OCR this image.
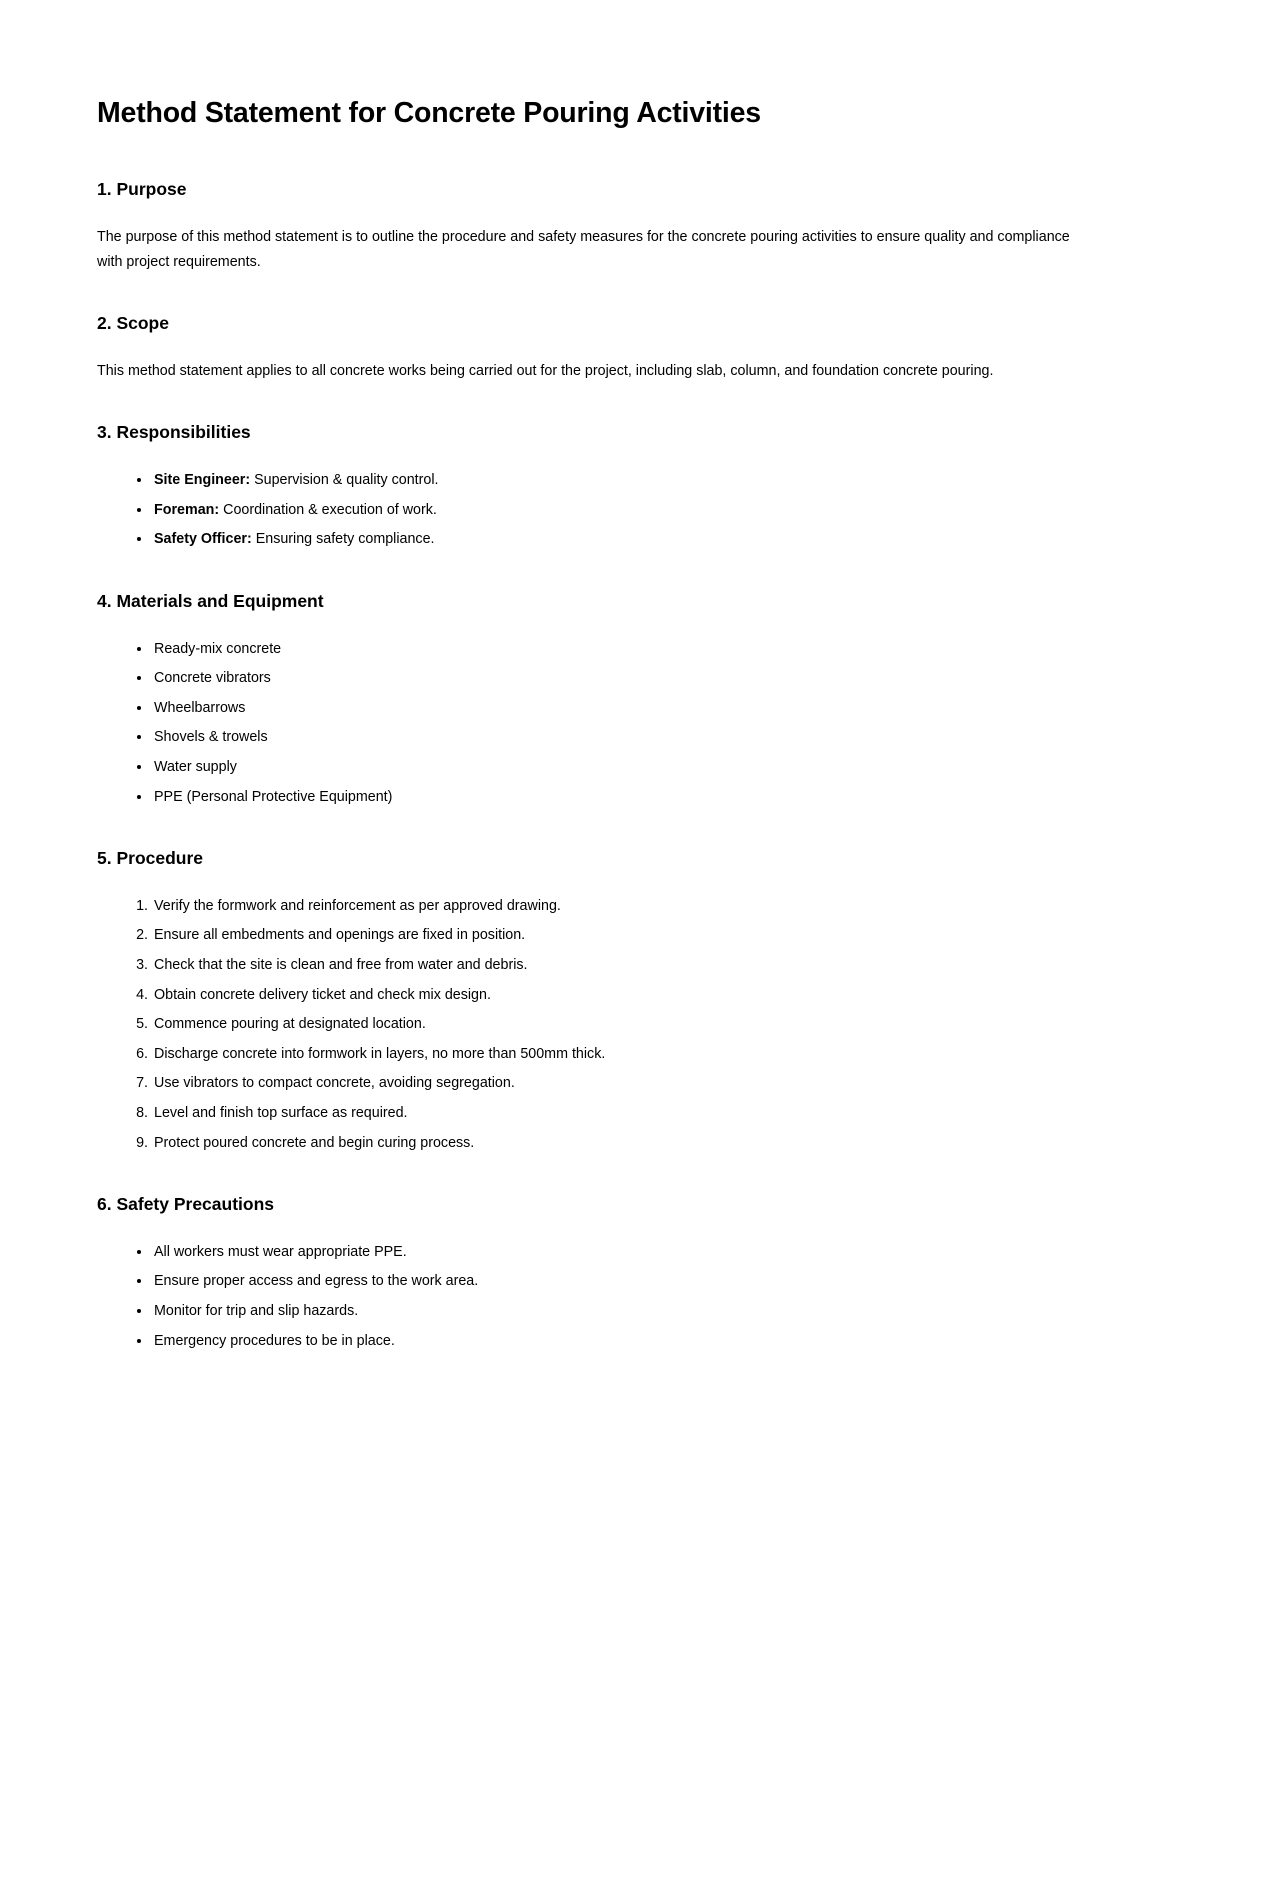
Method Statement for Concrete Pouring Activities
1. Purpose

The purpose of this method statement is to outline the procedure and safety measures for the concrete pouring activities to ensure quality and compliance with project requirements.

2. Scope

This method statement applies to all concrete works being carried out for the project, including slab, column, and foundation concrete pouring.

3. Responsibilities
• Site Engineer: Supervision & quality control.
• Foreman: Coordination & execution of work.
• Safety Officer: Ensuring safety compliance.
4. Materials and Equipment
• Ready-mix concrete
• Concrete vibrators
• Wheelbarrows
• Shovels & trowels
• Water supply
• PPE (Personal Protective Equipment)
5. Procedure
1. Verify the formwork and reinforcement as per approved drawing.
2. Ensure all embedments and openings are fixed in position.
3. Check that the site is clean and free from water and debris.
4. Obtain concrete delivery ticket and check mix design.
5. Commence pouring at designated location.
6. Discharge concrete into formwork in layers, no more than 500mm thick.
7. Use vibrators to compact concrete, avoiding segregation.
8. Level and finish top surface as required.
9. Protect poured concrete and begin curing process.
6. Safety Precautions
• All workers must wear appropriate PPE.
• Ensure proper access and egress to the work area.
• Monitor for trip and slip hazards.
• Emergency procedures to be in place.
